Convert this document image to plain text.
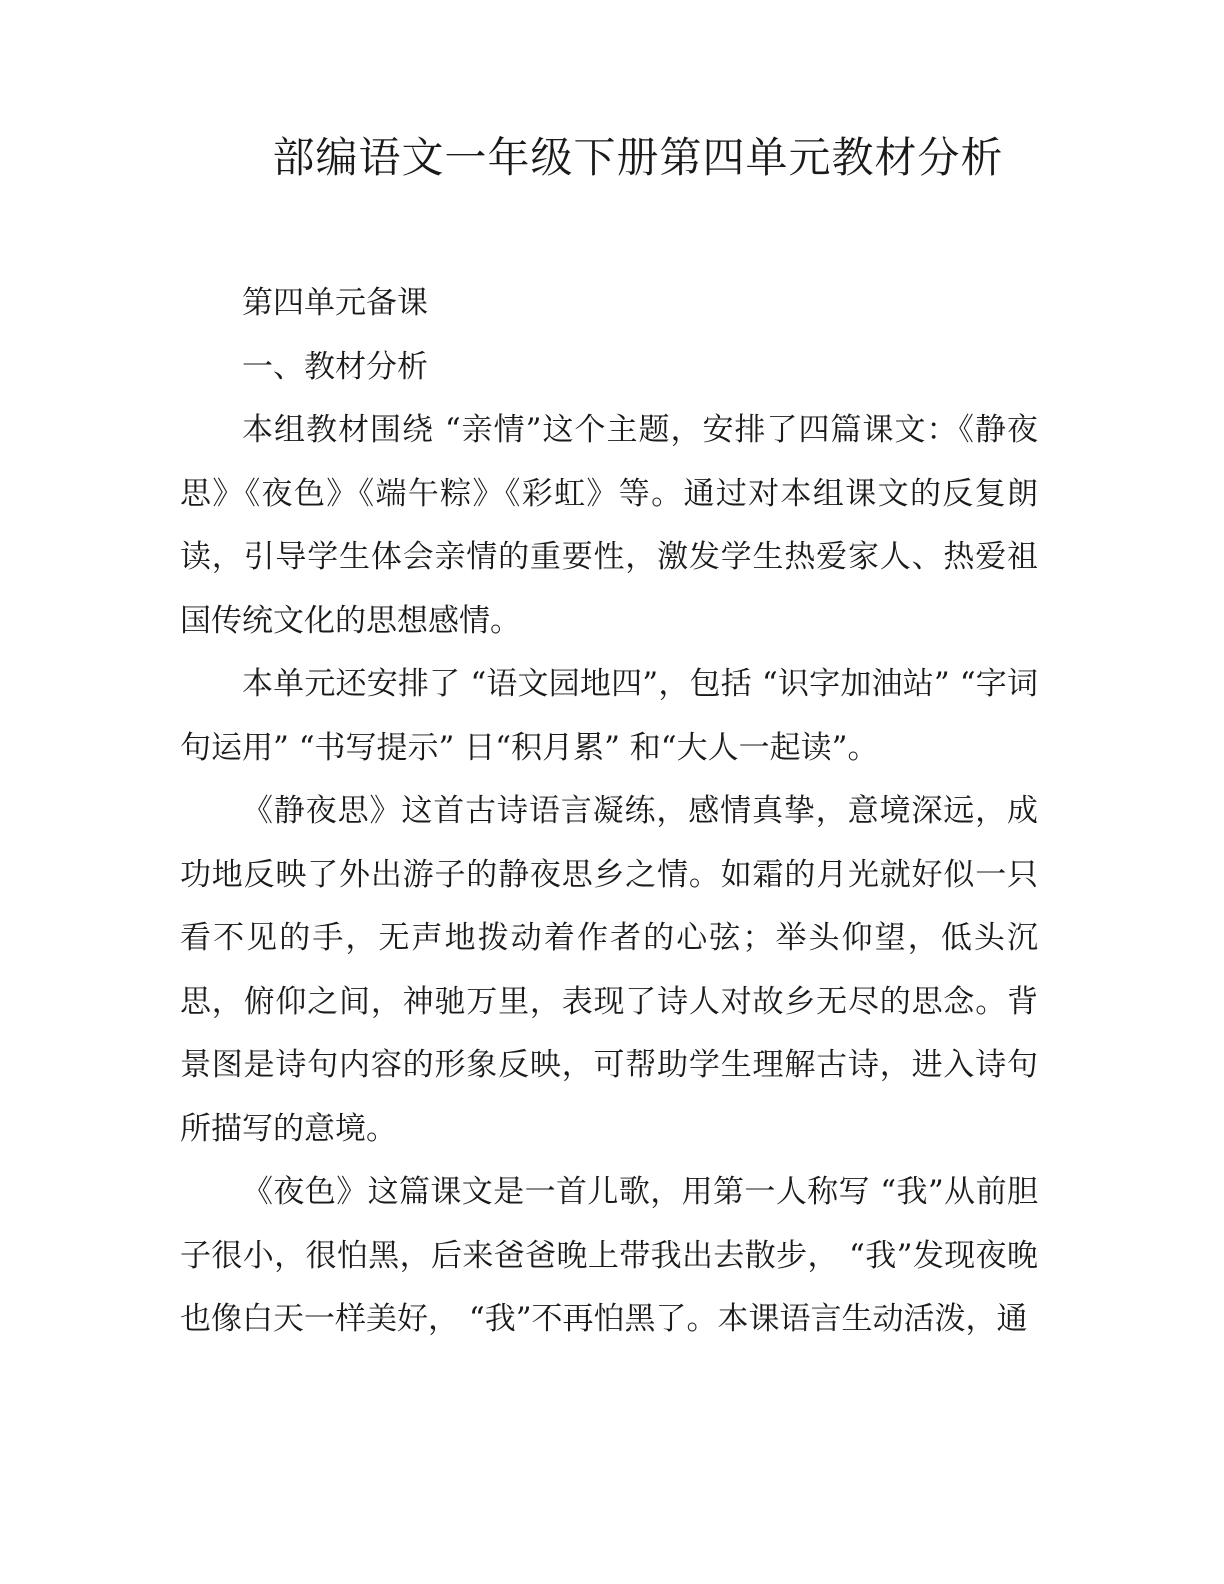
部编语文一年级下册第四单元教材分析

第四单元备课

一、教材分析

本组教材围绕 “亲情”这个主题，安排了四篇课文：《静夜思》《夜色》《端午粽》《彩虹》等。通过对本组课文的反复朗读，引导学生体会亲情的重要性，激发学生热爱家人、热爱祖国传统文化的思想感情。

本单元还安排了 “语文园地四”，包括 “识字加油站” “字词句运用” “书写提示” 日“积月累” 和“大人一起读”。

《静夜思》这首古诗语言凝练，感情真挚，意境深远，成功地反映了外出游子的静夜思乡之情。如霜的月光就好似一只看不见的手，无声地拨动着作者的心弦；举头仰望，低头沉思，俯仰之间，神驰万里，表现了诗人对故乡无尽的思念。背景图是诗句内容的形象反映，可帮助学生理解古诗，进入诗句所描写的意境。

《夜色》这篇课文是一首儿歌，用第一人称写 “我”从前胆子很小，很怕黑，后来爸爸晚上带我出去散步， “我”发现夜晚也像白天一样美好， “我”不再怕黑了。本课语言生动活泼，通
